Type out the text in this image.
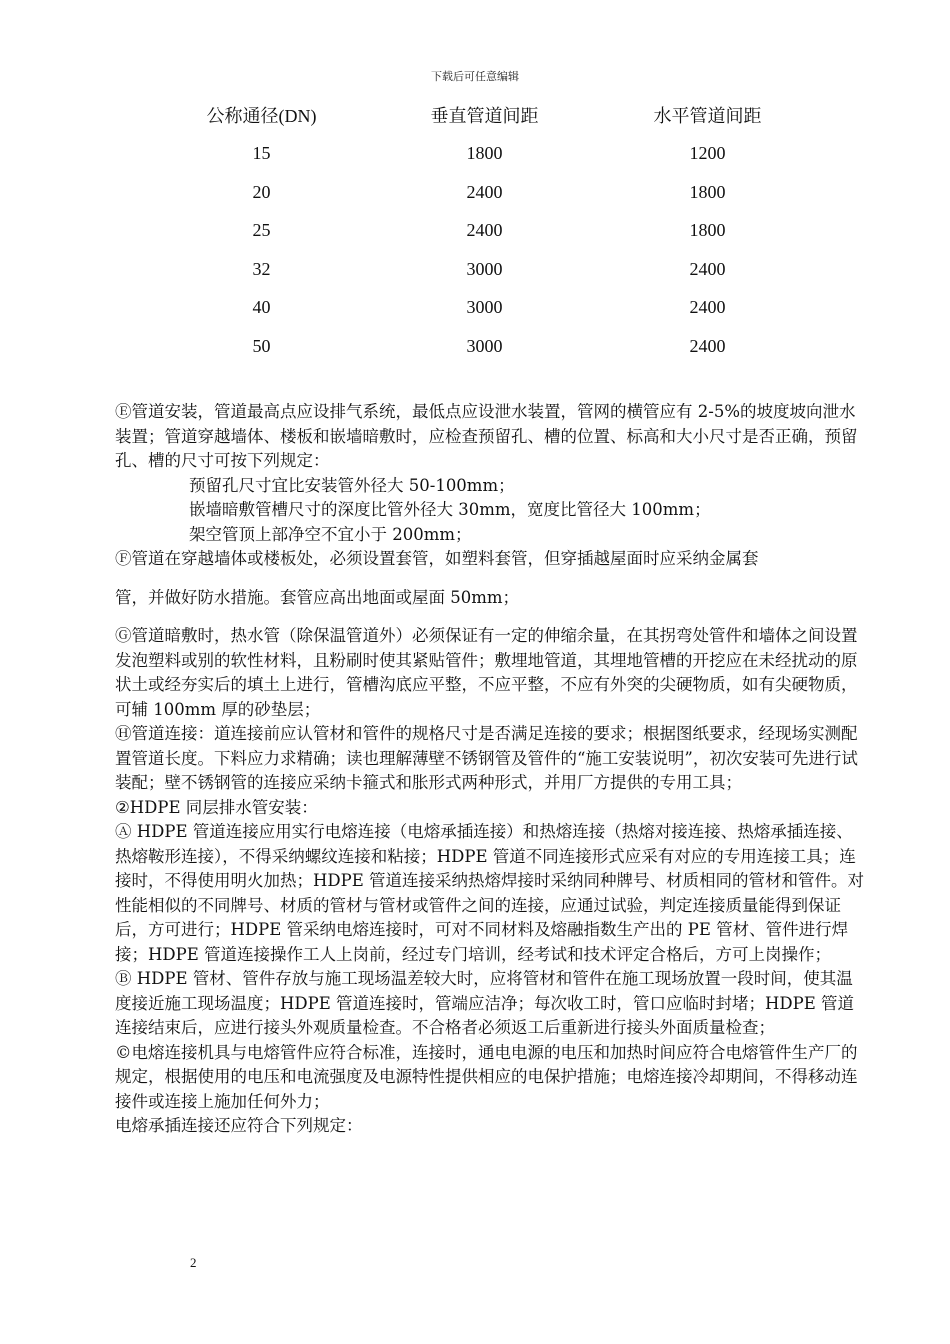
下载后可任意编辑
公称通径(DN)	垂直管道间距	水平管道间距
15	1800	1200
20	2400	1800
25	2400	1800
32	3000	2400
40	3000	2400
50	3000	2400

Ⓔ管道安装，管道最高点应设排气系统，最低点应设泄水装置，管网的横管应有 2-5%的坡度坡向泄水装置；管道穿越墙体、楼板和嵌墙暗敷时，应检查预留孔、槽的位置、标高和大小尺寸是否正确，预留孔、槽的尺寸可按下列规定：

预留孔尺寸宜比安装管外径大 50-100mm；

嵌墙暗敷管槽尺寸的深度比管外径大 30mm，宽度比管径大 100mm；

架空管顶上部净空不宜小于 200mm；

Ⓕ管道在穿越墙体或楼板处，必须设置套管，如塑料套管，但穿插越屋面时应采纳金属套

管，并做好防水措施。套管应高出地面或屋面 50mm；

Ⓖ管道暗敷时，热水管（除保温管道外）必须保证有一定的伸缩余量，在其拐弯处管件和墙体之间设置发泡塑料或别的软性材料，且粉刷时使其紧贴管件；敷埋地管道，其埋地管槽的开挖应在未经扰动的原状土或经夯实后的填土上进行，管槽沟底应平整，不应平整，不应有外突的尖硬物质，如有尖硬物质，可辅 100mm 厚的砂垫层；

Ⓗ管道连接：道连接前应认管材和管件的规格尺寸是否满足连接的要求；根据图纸要求，经现场实测配置管道长度。下料应力求精确；读也理解薄壁不锈钢管及管件的“施工安装说明”，初次安装可先进行试装配；壁不锈钢管的连接应采纳卡箍式和胀形式两种形式，并用厂方提供的专用工具；

②HDPE 同层排水管安装：

Ⓐ HDPE 管道连接应用实行电熔连接（电熔承插连接）和热熔连接（热熔对接连接、热熔承插连接、热熔鞍形连接），不得采纳螺纹连接和粘接；HDPE 管道不同连接形式应采有对应的专用连接工具；连接时，不得使用明火加热；HDPE 管道连接采纳热熔焊接时采纳同种牌号、材质相同的管材和管件。对性能相似的不同牌号、材质的管材与管材或管件之间的连接，应通过试验，判定连接质量能得到保证后，方可进行；HDPE 管采纳电熔连接时，可对不同材料及熔融指数生产出的 PE 管材、管件进行焊接；HDPE 管道连接操作工人上岗前，经过专门培训，经考试和技术评定合格后，方可上岗操作；

Ⓑ HDPE 管材、管件存放与施工现场温差较大时，应将管材和管件在施工现场放置一段时间，使其温度接近施工现场温度；HDPE 管道连接时，管端应洁净；每次收工时，管口应临时封堵；HDPE 管道连接结束后，应进行接头外观质量检查。不合格者必须返工后重新进行接头外面质量检查；

©电熔连接机具与电熔管件应符合标准，连接时，通电电源的电压和加热时间应符合电熔管件生产厂的规定，根据使用的电压和电流强度及电源特性提供相应的电保护措施；电熔连接冷却期间，不得移动连接件或连接上施加任何外力；

电熔承插连接还应符合下列规定：

2
